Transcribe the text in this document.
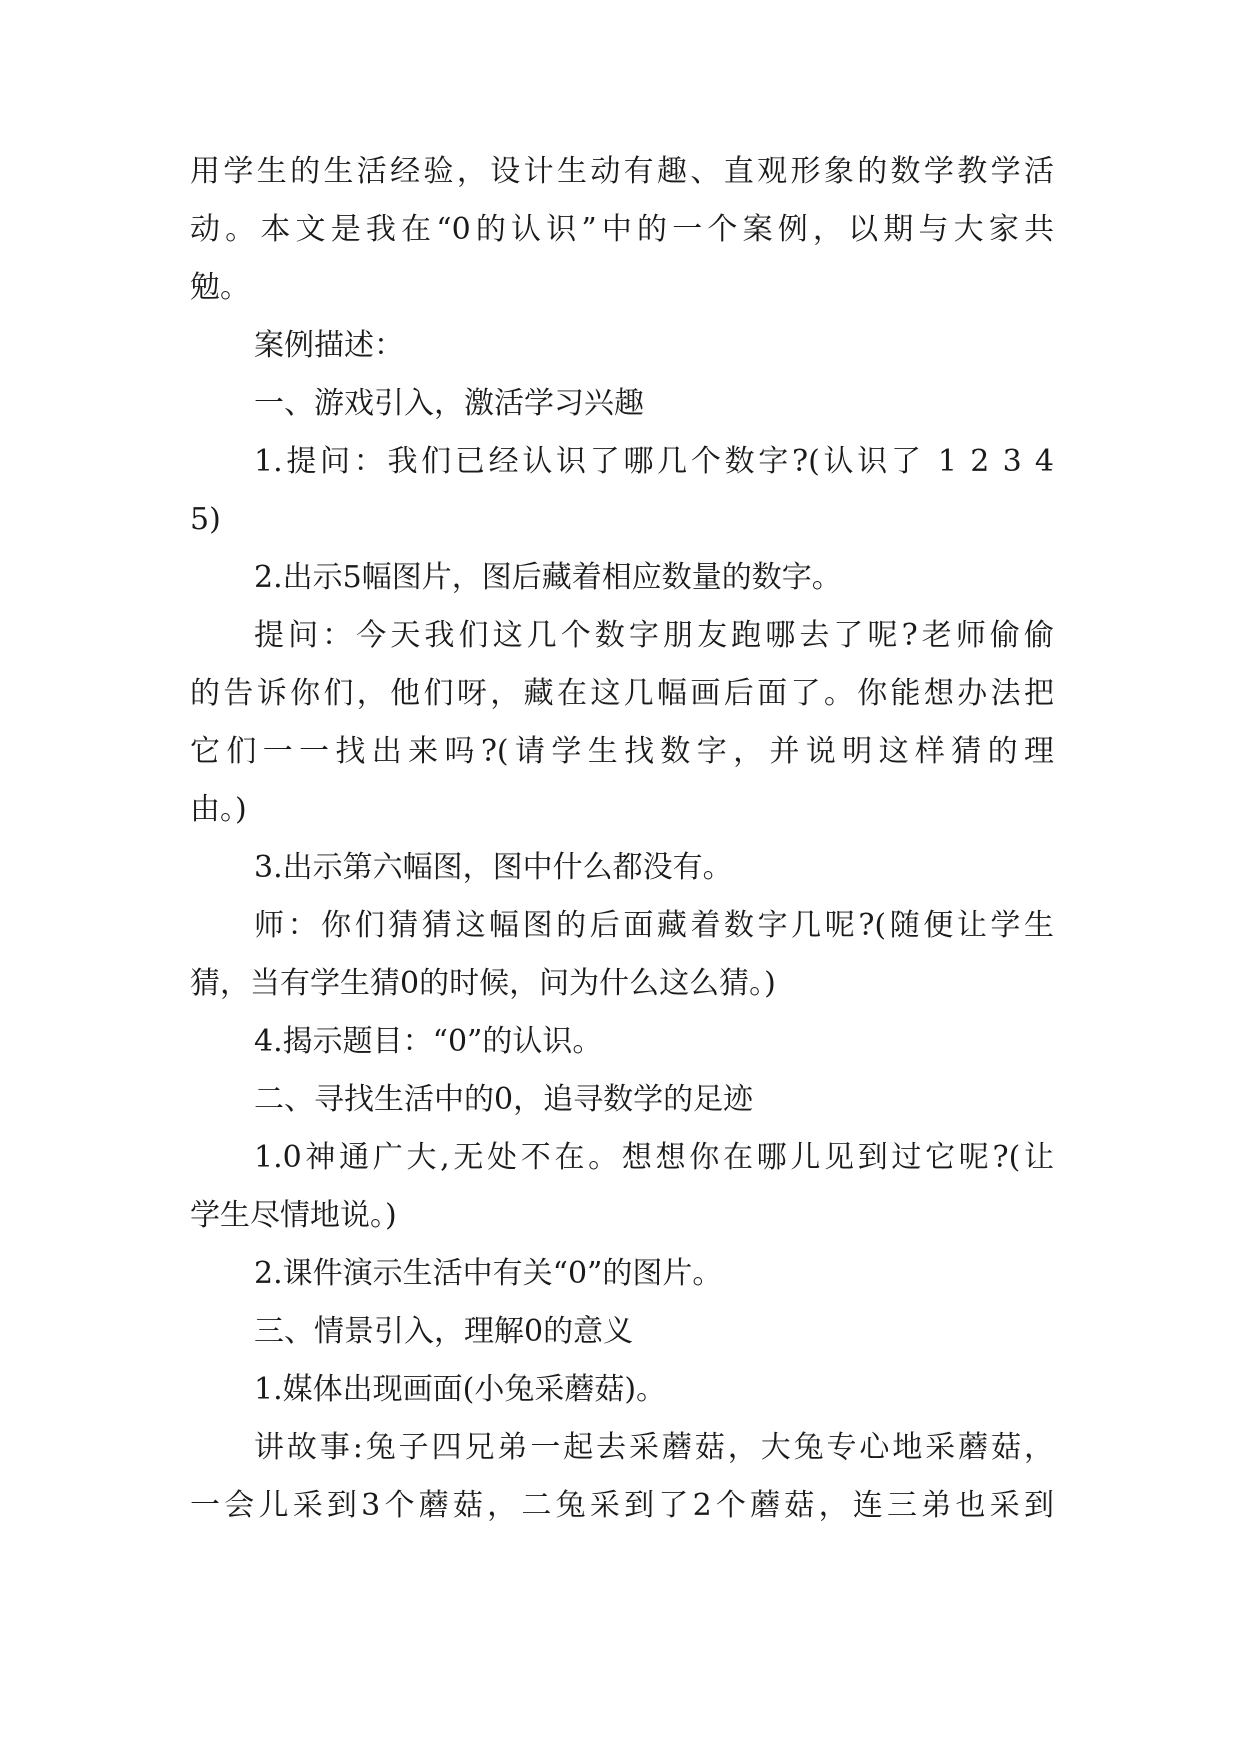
用学生的生活经验，设计生动有趣、直观形象的数学教学活
动。本文是我在“0的认识”中的一个案例，以期与大家共
勉。
案例描述：
一、游戏引入，激活学习兴趣
1.提问：我们已经认识了哪几个数字?(认识了 1 2 3 4
5)
2.出示5幅图片，图后藏着相应数量的数字。
提问：今天我们这几个数字朋友跑哪去了呢?老师偷偷
的告诉你们，他们呀，藏在这几幅画后面了。你能想办法把
它们一一找出来吗?(请学生找数字，并说明这样猜的理
由。)
3.出示第六幅图，图中什么都没有。
师：你们猜猜这幅图的后面藏着数字几呢?(随便让学生
猜，当有学生猜0的时候，问为什么这么猜。)
4.揭示题目：“0”的认识。
二、寻找生活中的0，追寻数学的足迹
1.0神通广大,无处不在。想想你在哪儿见到过它呢?(让
学生尽情地说。)
2.课件演示生活中有关“0”的图片。
三、情景引入，理解0的意义
1.媒体出现画面(小兔采蘑菇)。
讲故事:兔子四兄弟一起去采蘑菇，大兔专心地采蘑菇，
一会儿采到3个蘑菇，二兔采到了2个蘑菇，连三弟也采到
